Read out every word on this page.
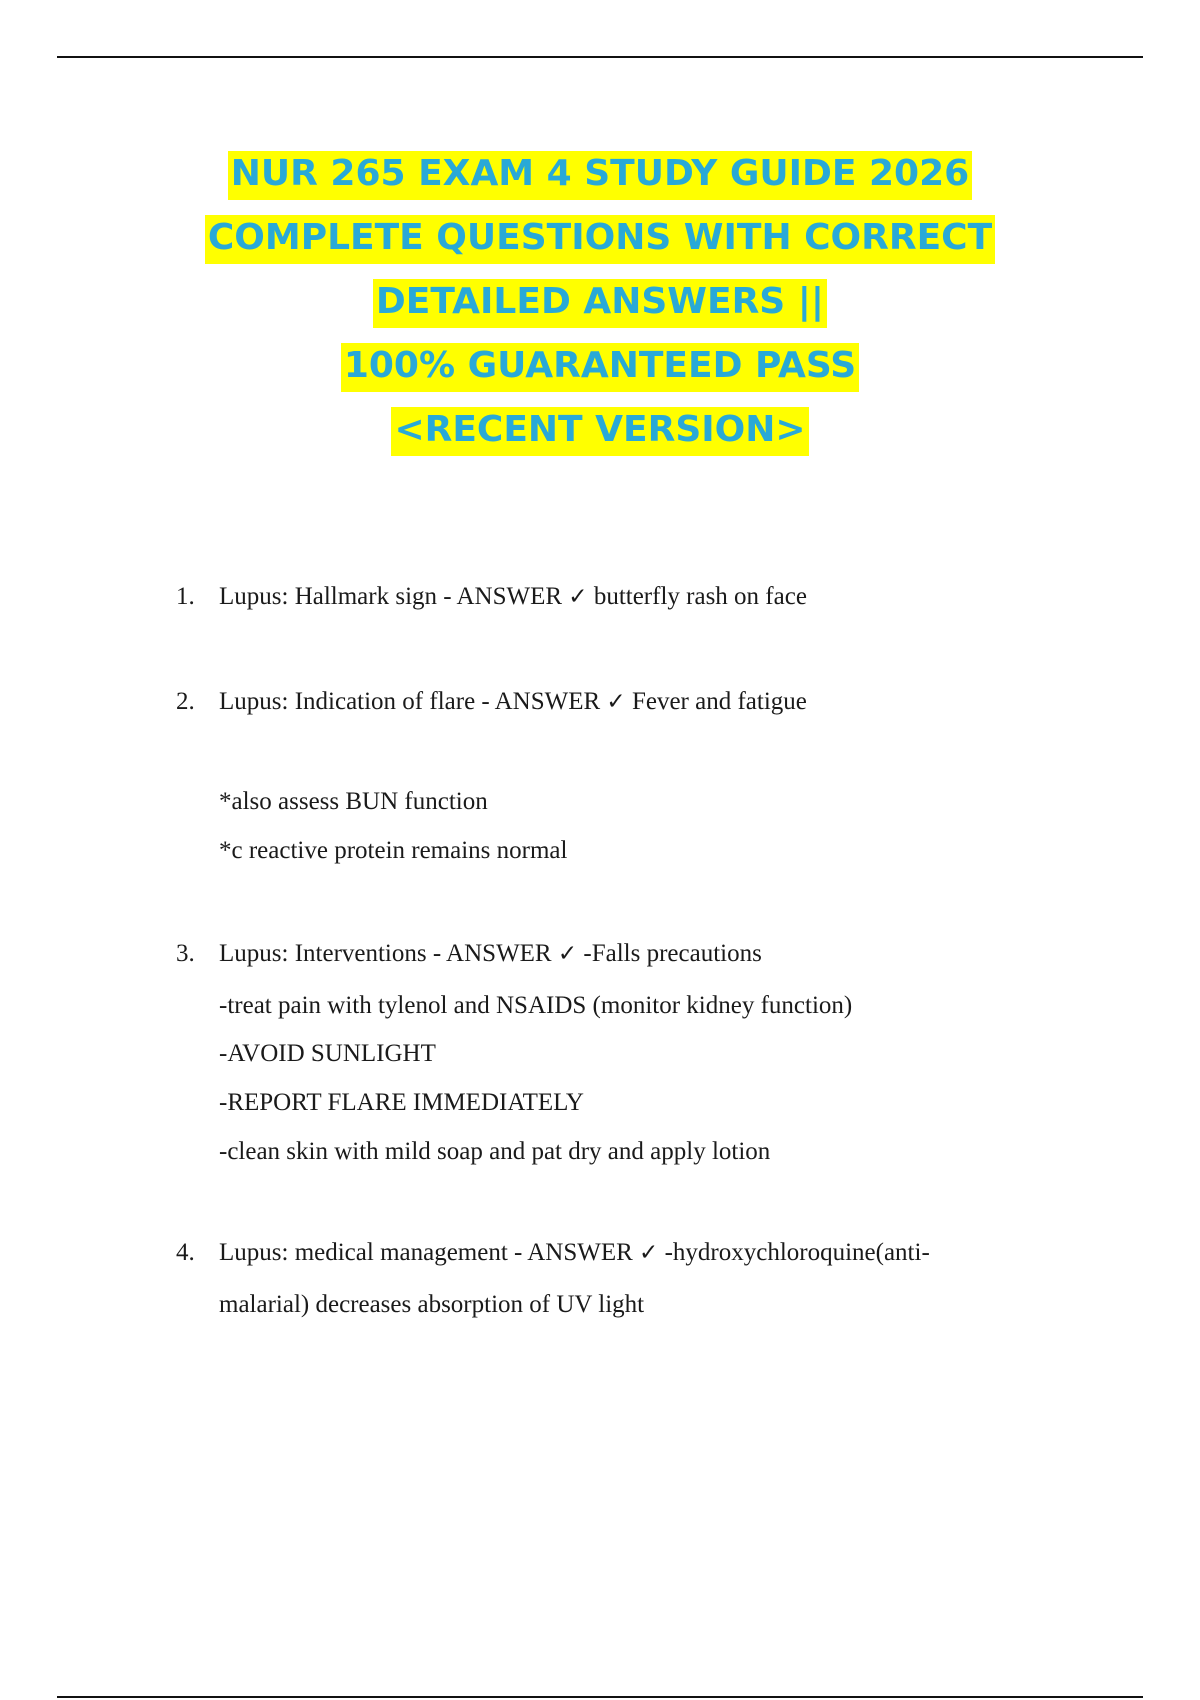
NUR 265 EXAM 4 STUDY GUIDE 2026
COMPLETE QUESTIONS WITH CORRECT
DETAILED ANSWERS ||
100% GUARANTEED PASS
<RECENT VERSION>
1. Lupus: Hallmark sign - ANSWER ✓ butterfly rash on face
2. Lupus: Indication of flare - ANSWER ✓ Fever and fatigue
*also assess BUN function
*c reactive protein remains normal
3. Lupus: Interventions - ANSWER ✓ -Falls precautions
-treat pain with tylenol and NSAIDS (monitor kidney function)
-AVOID SUNLIGHT
-REPORT FLARE IMMEDIATELY
-clean skin with mild soap and pat dry and apply lotion
4. Lupus: medical management - ANSWER ✓ -hydroxychloroquine(anti-
malarial) decreases absorption of UV light
